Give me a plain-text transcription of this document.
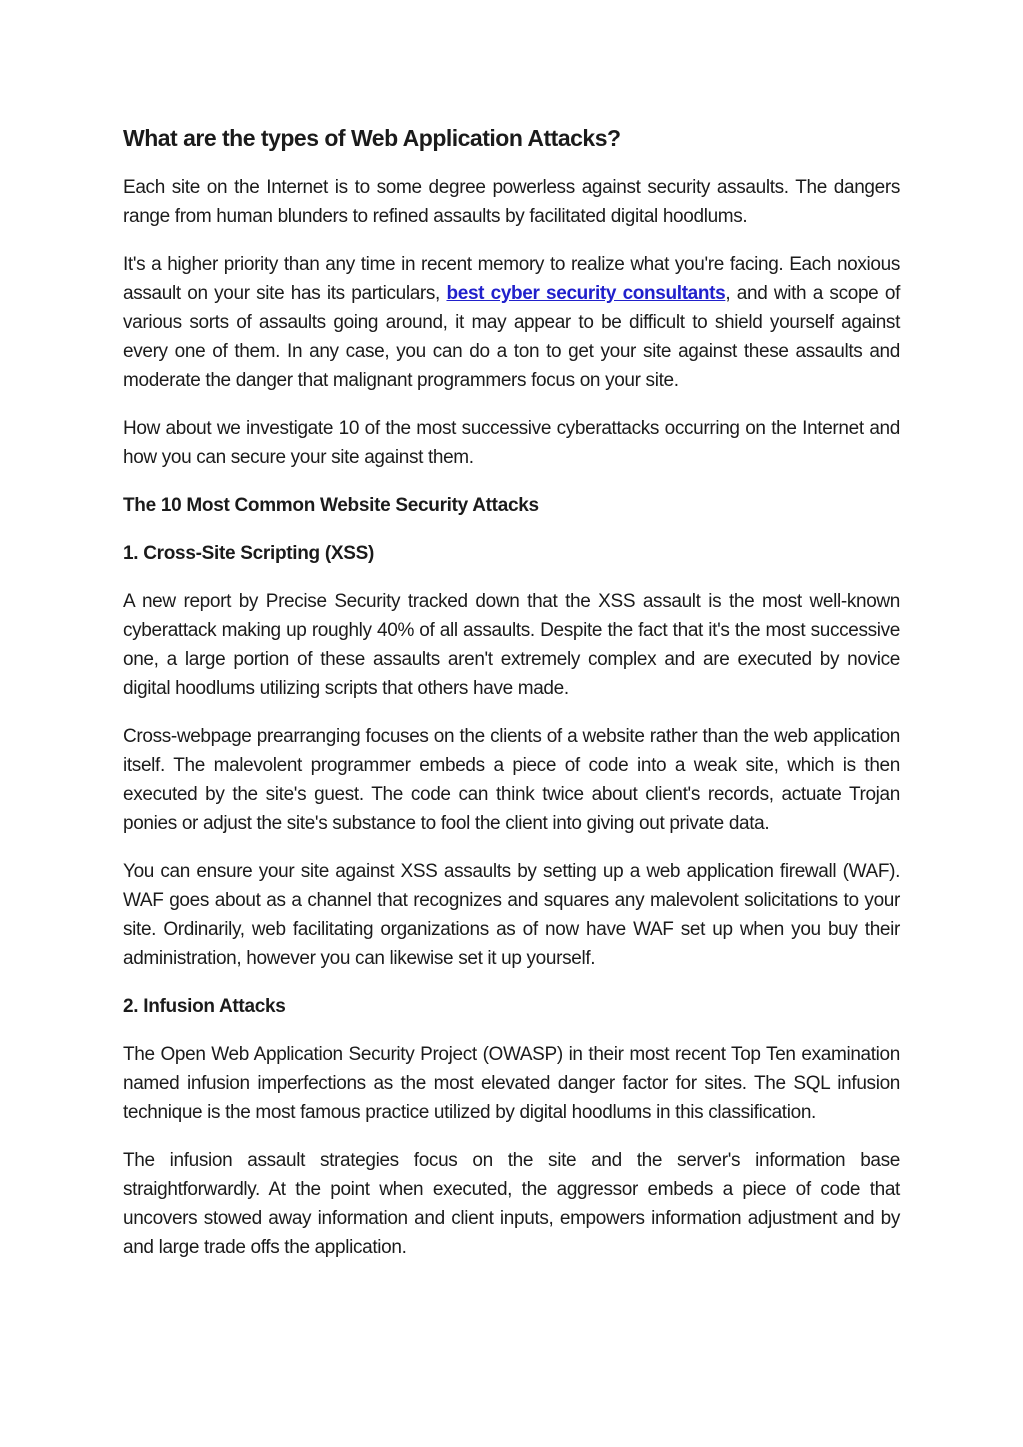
What are the types of Web Application Attacks?

Each site on the Internet is to some degree powerless against security assaults. The dangers range from human blunders to refined assaults by facilitated digital hoodlums.

It's a higher priority than any time in recent memory to realize what you're facing. Each noxious assault on your site has its particulars, best cyber security consultants, and with a scope of various sorts of assaults going around, it may appear to be difficult to shield yourself against every one of them. In any case, you can do a ton to get your site against these assaults and moderate the danger that malignant programmers focus on your site.

How about we investigate 10 of the most successive cyberattacks occurring on the Internet and how you can secure your site against them.

The 10 Most Common Website Security Attacks
1. Cross-Site Scripting (XSS)

A new report by Precise Security tracked down that the XSS assault is the most well-known cyberattack making up roughly 40% of all assaults. Despite the fact that it's the most successive one, a large portion of these assaults aren't extremely complex and are executed by novice digital hoodlums utilizing scripts that others have made.

Cross-webpage prearranging focuses on the clients of a website rather than the web application itself. The malevolent programmer embeds a piece of code into a weak site, which is then executed by the site's guest. The code can think twice about client's records, actuate Trojan ponies or adjust the site's substance to fool the client into giving out private data.

You can ensure your site against XSS assaults by setting up a web application firewall (WAF). WAF goes about as a channel that recognizes and squares any malevolent solicitations to your site. Ordinarily, web facilitating organizations as of now have WAF set up when you buy their administration, however you can likewise set it up yourself.

2. Infusion Attacks

The Open Web Application Security Project (OWASP) in their most recent Top Ten examination named infusion imperfections as the most elevated danger factor for sites. The SQL infusion technique is the most famous practice utilized by digital hoodlums in this classification.

The infusion assault strategies focus on the site and the server's information base straightforwardly. At the point when executed, the aggressor embeds a piece of code that uncovers stowed away information and client inputs, empowers information adjustment and by and large trade offs the application.
